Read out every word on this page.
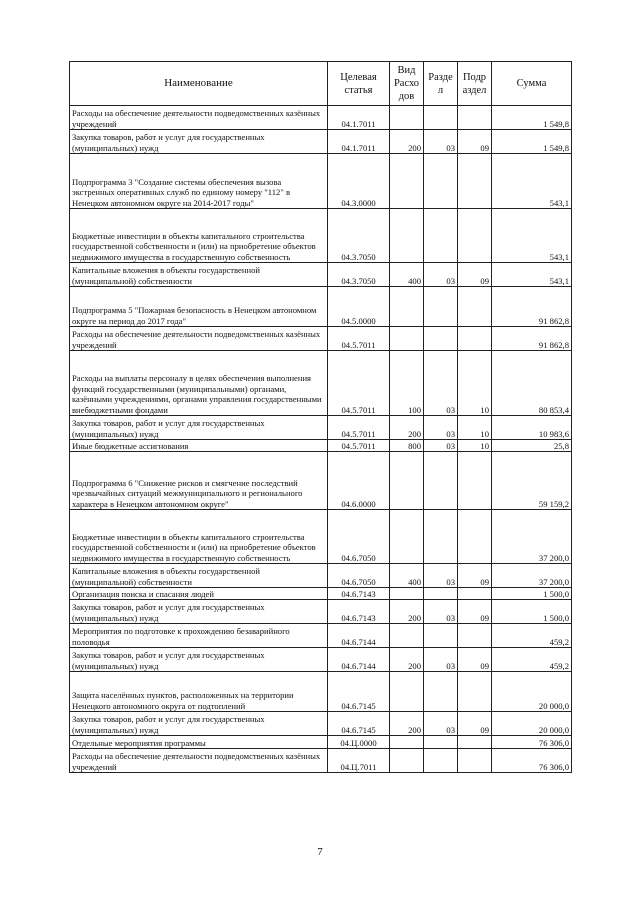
Наименование	Целевая статья	Вид Расхо дов	Разде л	Подр аздел	Сумма
Расходы на обеспечение деятельности подведомственных казённых учреждений	04.1.7011				1 549,8
Закупка товаров, работ и услуг для государственных (муниципальных) нужд	04.1.7011	200	03	09	1 549,8
Подпрограмма 3 "Создание системы обеспечения вызова экстренных оперативных служб по единому номеру "112" в Ненецком автономном округе на 2014-2017 годы"	04.3.0000				543,1
Бюджетные инвестиции в объекты капитального строительства государственной собственности и (или) на приобретение объектов недвижимого имущества в государственную собственность	04.3.7050				543,1
Капитальные вложения в объекты государственной (муниципальной) собственности	04.3.7050	400	03	09	543,1
Подпрограмма 5 "Пожарная безопасность в Ненецком автономном округе на период до 2017 года"	04.5.0000				91 862,8
Расходы на обеспечение деятельности подведомственных казённых учреждений	04.5.7011				91 862,8
Расходы на выплаты персоналу в целях обеспечения выполнения функций государственными (муниципальными) органами, казёнными учреждениями, органами управления государственными внебюджетными фондами	04.5.7011	100	03	10	80 853,4
Закупка товаров, работ и услуг для государственных (муниципальных) нужд	04.5.7011	200	03	10	10 983,6
Иные бюджетные ассигнования	04.5.7011	800	03	10	25,8
Подпрограмма 6 "Снижение рисков и смягчение последствий чрезвычайных ситуаций межмуниципального и регионального характера в Ненецком автономном округе"	04.6.0000				59 159,2
Бюджетные инвестиции в объекты капитального строительства государственной собственности и (или) на приобретение объектов недвижимого имущества в государственную собственность	04.6.7050				37 200,0
Капитальные вложения в объекты государственной (муниципальной) собственности	04.6.7050	400	03	09	37 200,0
Организация поиска и спасания людей	04.6.7143				1 500,0
Закупка товаров, работ и услуг для государственных (муниципальных) нужд	04.6.7143	200	03	09	1 500,0
Мероприятия по подготовке к прохождению безаварийного половодья	04.6.7144				459,2
Закупка товаров, работ и услуг для государственных (муниципальных) нужд	04.6.7144	200	03	09	459,2
Защита населённых пунктов, расположенных на территории Ненецкого автономного округа от подтоплений	04.6.7145				20 000,0
Закупка товаров, работ и услуг для государственных (муниципальных) нужд	04.6.7145	200	03	09	20 000,0
Отдельные мероприятия программы	04.Ц.0000				76 306,0
Расходы на обеспечение деятельности подведомственных казённых учреждений	04.Ц.7011				76 306,0
7
